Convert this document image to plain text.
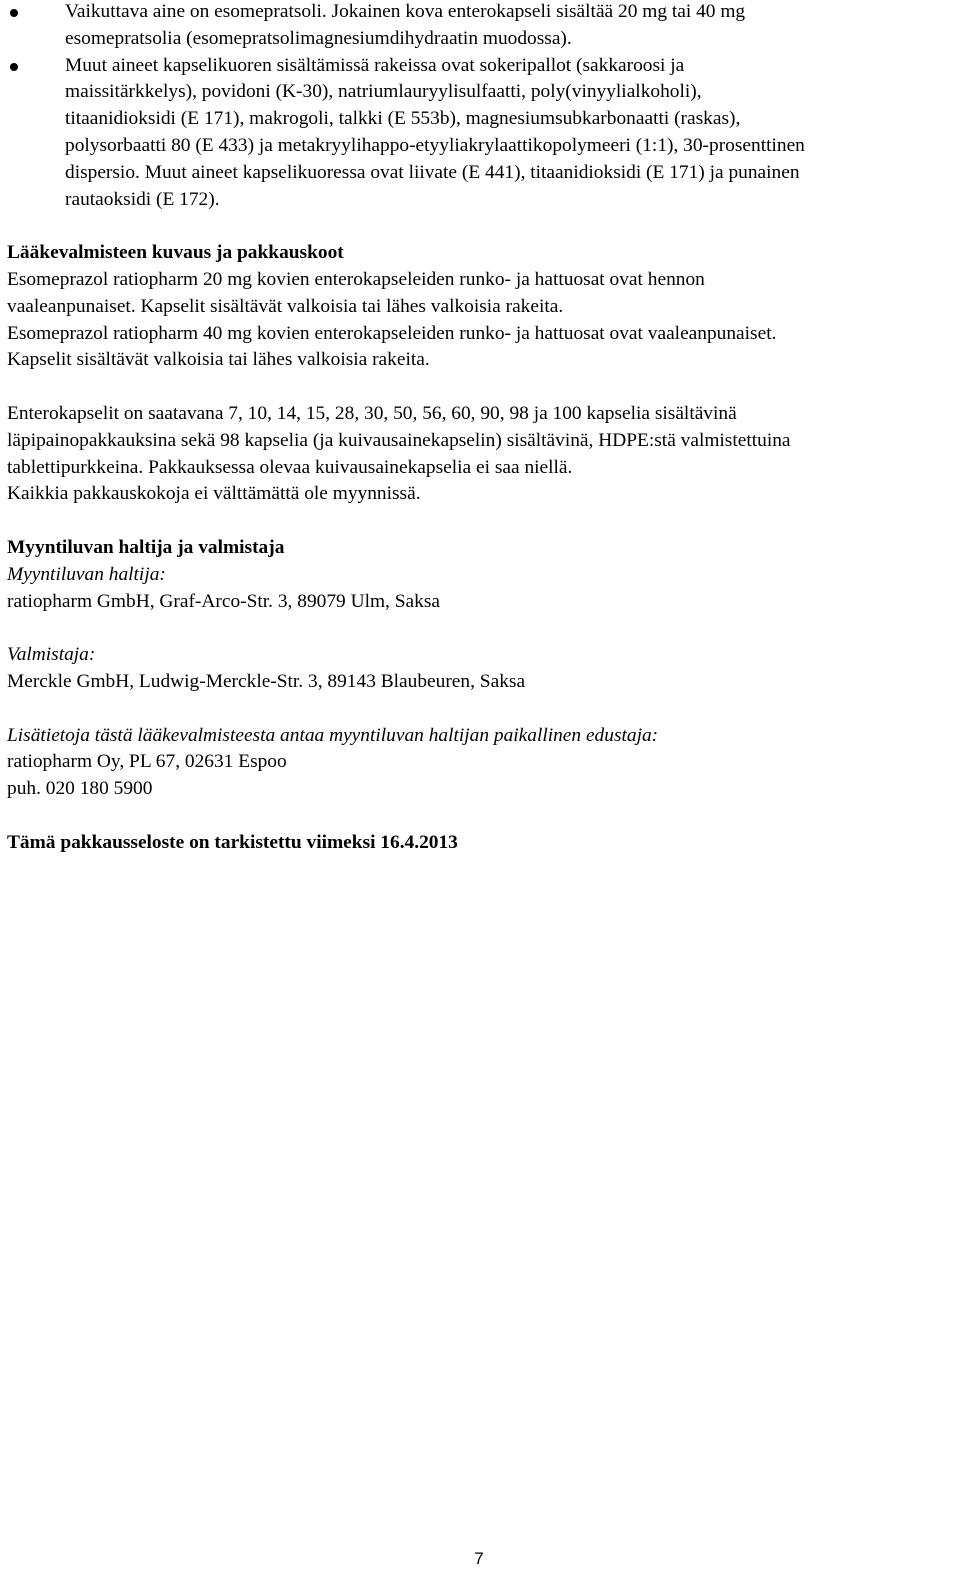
Vaikuttava aine on esomepratsoli. Jokainen kova enterokapseli sisältää 20 mg tai 40 mg
esomepratsolia (esomepratsolimagnesiumdihydraatin muodossa).
Muut aineet kapselikuoren sisältämissä rakeissa ovat sokeripallot (sakkaroosi ja
maissitärkkelys), povidoni (K-30), natriumlauryylisulfaatti, poly(vinyylialkoholi),
titaanidioksidi (E 171), makrogoli, talkki (E 553b), magnesiumsubkarbonaatti (raskas),
polysorbaatti 80 (E 433) ja metakryylihappo-etyyliakrylaattikopolymeeri (1:1), 30-prosenttinen
dispersio. Muut aineet kapselikuoressa ovat liivate (E 441), titaanidioksidi (E 171) ja punainen
rautaoksidi (E 172).

Lääkevalmisteen kuvaus ja pakkauskoot

Esomeprazol ratiopharm 20 mg kovien enterokapseleiden runko- ja hattuosat ovat hennon
vaaleanpunaiset. Kapselit sisältävät valkoisia tai lähes valkoisia rakeita.
Esomeprazol ratiopharm 40 mg kovien enterokapseleiden runko- ja hattuosat ovat vaaleanpunaiset.
Kapselit sisältävät valkoisia tai lähes valkoisia rakeita.
Enterokapselit on saatavana 7, 10, 14, 15, 28, 30, 50, 56, 60, 90, 98 ja 100 kapselia sisältävinä
läpipainopakkauksina sekä 98 kapselia (ja kuivausainekapselin) sisältävinä, HDPE:stä valmistettuina
tablettipurkkeina. Pakkauksessa olevaa kuivausainekapselia ei saa niellä.
Kaikkia pakkauskokoja ei välttämättä ole myynnissä.

Myyntiluvan haltija ja valmistaja

Myyntiluvan haltija:

ratiopharm GmbH, Graf-Arco-Str. 3, 89079 Ulm, Saksa

Valmistaja:

Merckle GmbH, Ludwig-Merckle-Str. 3, 89143 Blaubeuren, Saksa

Lisätietoja tästä lääkevalmisteesta antaa myyntiluvan haltijan paikallinen edustaja:

ratiopharm Oy, PL 67, 02631 Espoo

puh. 020 180 5900

Tämä pakkausseloste on tarkistettu viimeksi 16.4.2013

7
